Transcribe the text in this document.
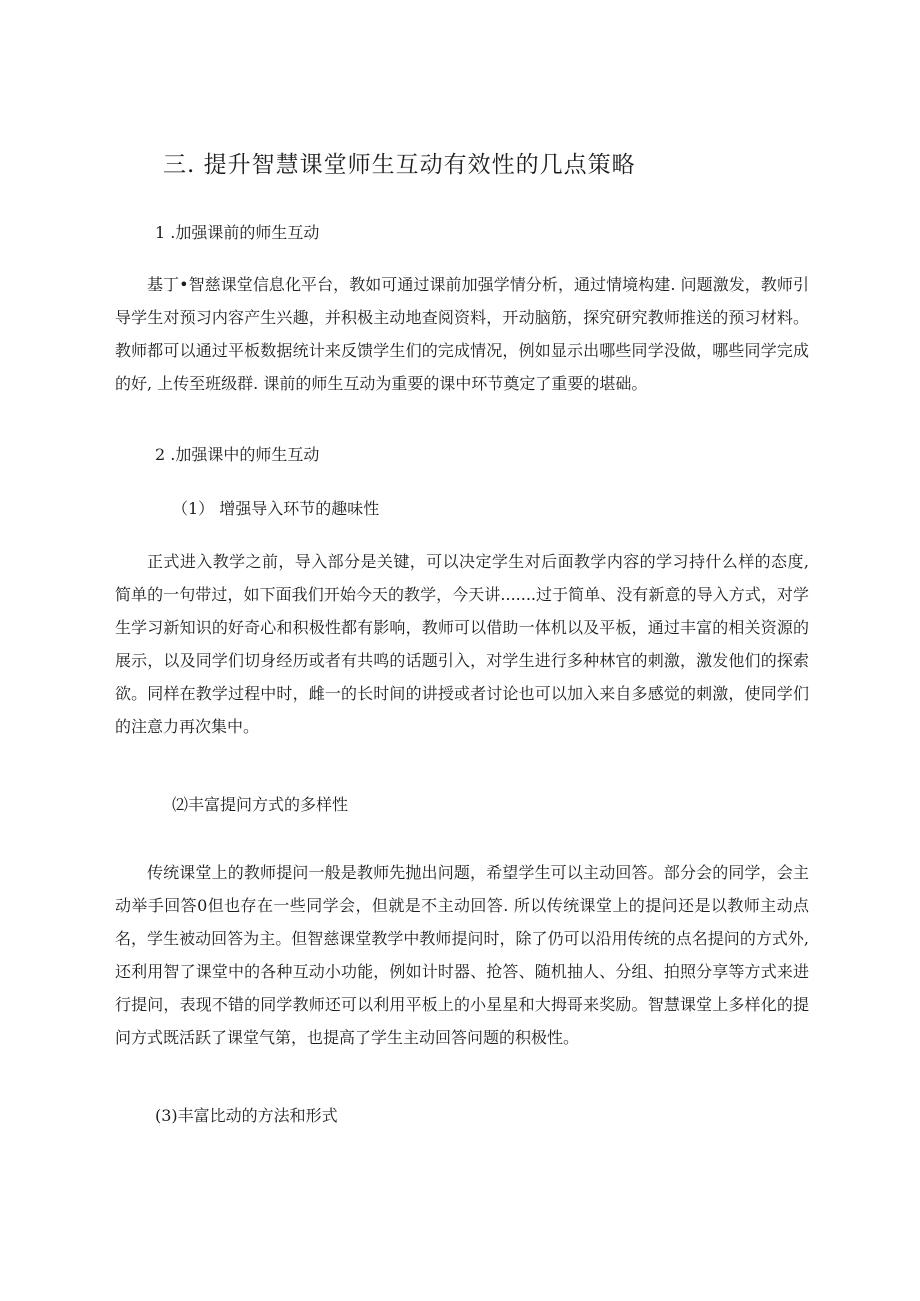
三. 提升智慧课堂师生互动有效性的几点策略
1 .加强课前的师生互动

基丁•智慈课堂信息化平台，教如可通过课前加强学情分析，通过情境构建. 问题激发，教师引导学生对预习内容产生兴趣，并积极主动地查阅资料，开动脑筋，探究研究教师推送的预习材料。教师都可以通过平板数据统计来反馈学生们的完成情况，例如显示出哪些同学没做，哪些同学完成的好, 上传至班级群. 课前的师生互动为重要的课中环节奠定了重要的堪础。

2 .加强课中的师生互动
（1） 增强导入环节的趣味性

正式进入教学之前，导入部分是关键，可以决定学生对后面教学内容的学习持什么样的态度, 简单的一句带过，如下面我们开始今天的教学，今天讲.......过于简单、没有新意的导入方式，对学生学习新知识的好奇心和积极性都有影响，教师可以借助一体机以及平板，通过丰富的相关资源的展示，以及同学们切身经历或者有共鸣的话题引入，对学生进行多种林官的刺激，激发他们的探索欲。同样在教学过程中时，雌一的长时间的讲授或者讨论也可以加入来自多感觉的刺激，使同学们的注意力再次集中。

⑵丰富提问方式的多样性

传统课堂上的教师提问一般是教师先抛出问题，希望学生可以主动回答。部分会的同学，会主动举手回答0但也存在一些同学会，但就是不主动回答. 所以传统课堂上的提问还是以教师主动点名，学生被动回答为主。但智慈课堂教学中教师提问时，除了仍可以沿用传统的点名提问的方式外, 还利用智了课堂中的各种互动小功能，例如计时器、抢答、随机抽人、分组、拍照分享等方式来进行提问，表现不错的同学教师还可以利用平板上的小星星和大拇哥来奖励。智慧课堂上多样化的提问方式既活跃了课堂气第，也提高了学生主动回答问题的积极性。

(3)丰富比动的方法和形式
